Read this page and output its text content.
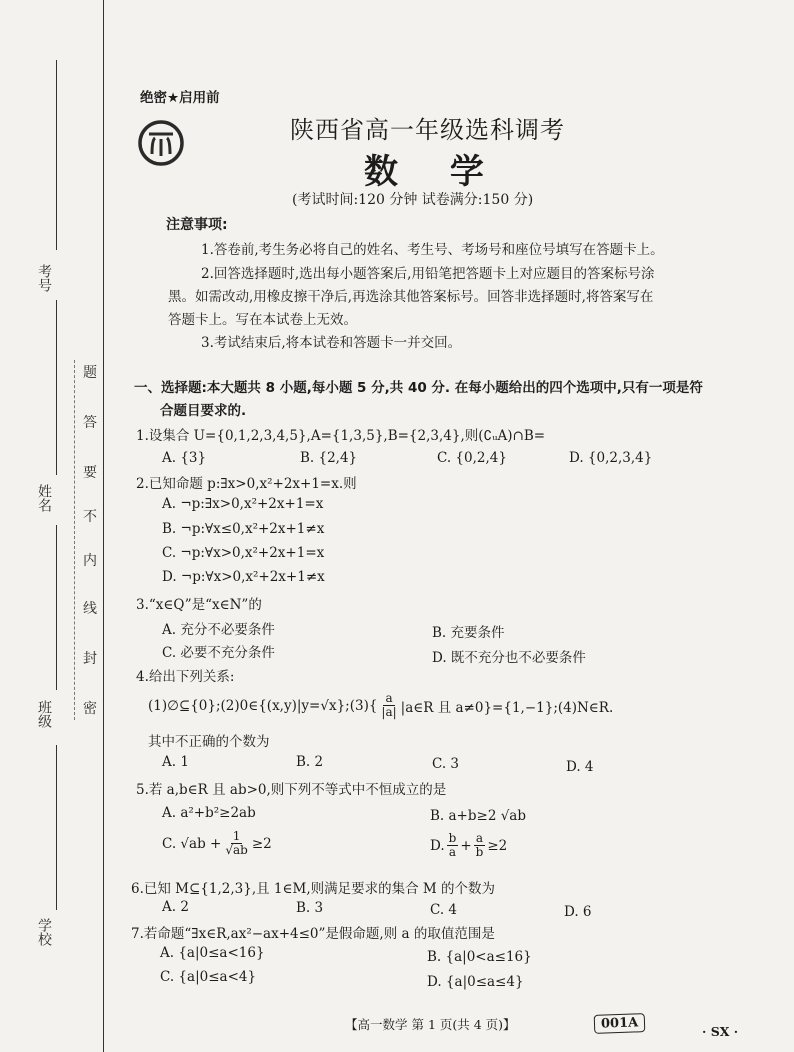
考号
姓名
班级
学校
题
答
要
不
内
线
封
密
绝密★启用前
陕西省高一年级选科调考
数 学
(考试时间:120 分钟 试卷满分:150 分)
注意事项:
1.答卷前,考生务必将自己的姓名、考生号、考场号和座位号填写在答题卡上。
2.回答选择题时,选出每小题答案后,用铅笔把答题卡上对应题目的答案标号涂
黑。如需改动,用橡皮擦干净后,再选涂其他答案标号。回答非选择题时,将答案写在
答题卡上。写在本试卷上无效。
3.考试结束后,将本试卷和答题卡一并交回。
一、选择题:本大题共 8 小题,每小题 5 分,共 40 分. 在每小题给出的四个选项中,只有一项是符
合题目要求的.
1.设集合 U={0,1,2,3,4,5},A={1,3,5},B={2,3,4},则(∁ᵤA)∩B=
A. {3}	B. {2,4}	C. {0,2,4}	D. {0,2,3,4}
2.已知命题 p:∃x>0,x²+2x+1=x.则
A. ¬p:∃x>0,x²+2x+1=x
B. ¬p:∀x≤0,x²+2x+1≠x
C. ¬p:∀x>0,x²+2x+1=x
D. ¬p:∀x>0,x²+2x+1≠x
3.“x∈Q”是“x∈N”的
A. 充分不必要条件	B. 充要条件
C. 必要不充分条件	D. 既不充分也不必要条件
4.给出下列关系:
(1)∅⊆{0};(2)0∈{(x,y)|y=√x};(3){ $\frac{a}{|a|}$ |a∈R 且 a≠0}={1,−1};(4)N∈R.
其中不正确的个数为
A. 1	B. 2	C. 3	D. 4
5.若 a,b∈R 且 ab>0,则下列不等式中不恒成立的是
A. a²+b²≥2ab	B. a+b≥2 √ab
C. $√ab + \frac{1}{√ab} \ge 2$	D. $\frac{b}{a} + \frac{a}{b} \ge 2$
6.已知 M⊆{1,2,3},且 1∈M,则满足要求的集合 M 的个数为
A. 2	B. 3	C. 4	D. 6
7.若命题“∃x∈R,ax²−ax+4≤0”是假命题,则 a 的取值范围是
A. {a|0≤a<16}	B. {a|0<a≤16}
C. {a|0≤a<4}	D. {a|0≤a≤4}
【高一数学 第 1 页(共 4 页)】	001A	· SX ·
